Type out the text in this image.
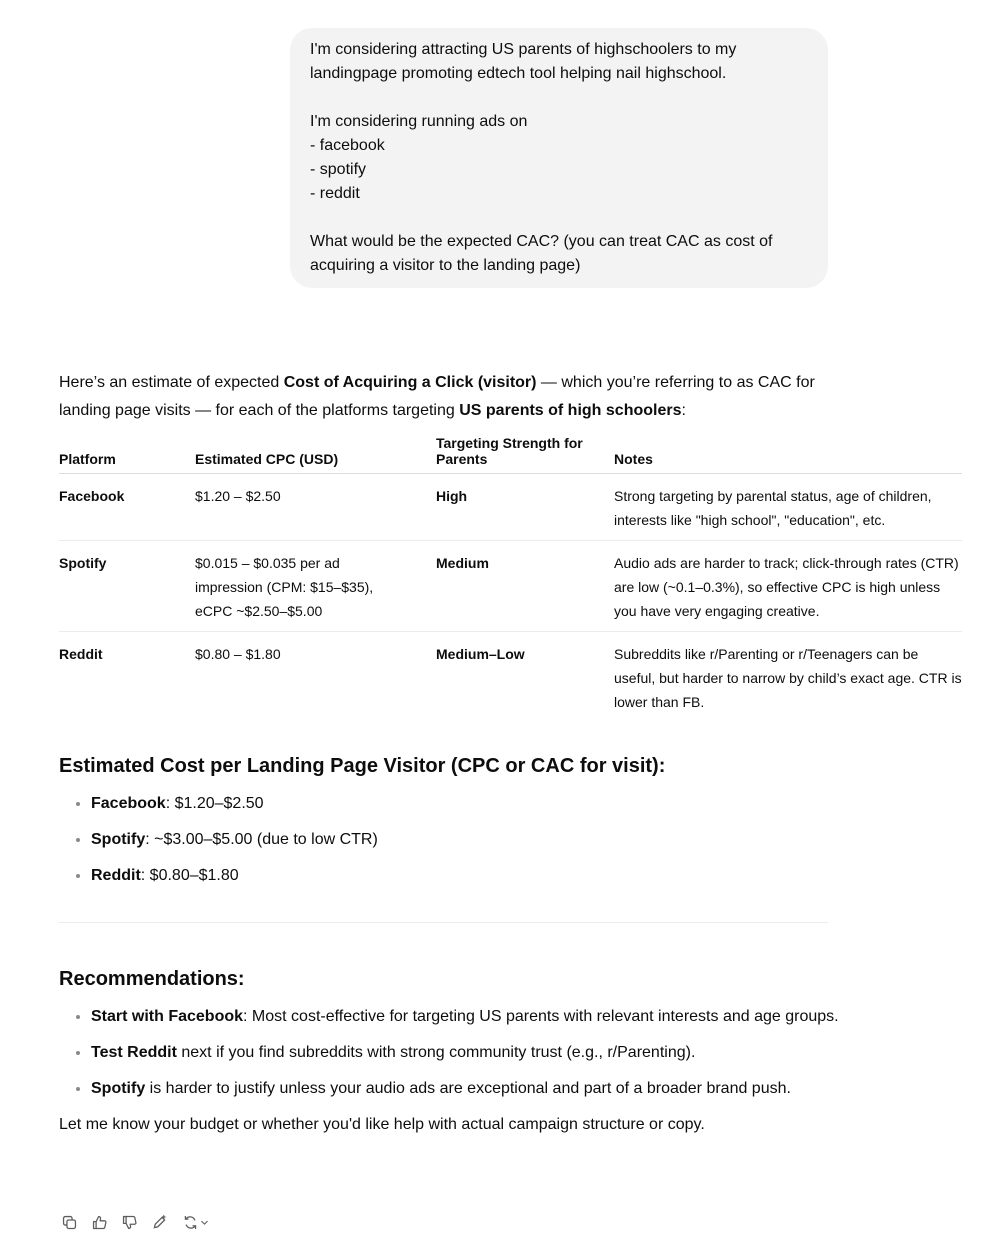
I'm considering attracting US parents of highschoolers to my landingpage promoting edtech tool helping nail highschool.

I'm considering running ads on

- facebook

- spotify

- reddit

What would be the expected CAC? (you can treat CAC as cost of acquiring a visitor to the landing page)

Here’s an estimate of expected Cost of Acquiring a Click (visitor) — which you’re referring to as CAC for landing page visits — for each of the platforms targeting US parents of high schoolers:

Platform	Estimated CPC (USD)	Targeting Strength for Parents	Notes
Facebook	$1.20 – $2.50	High	Strong targeting by parental status, age of children, interests like "high school", "education", etc.
Spotify	$0.015 – $0.035 per ad impression (CPM: $15–$35), eCPC ~$2.50–$5.00	Medium	Audio ads are harder to track; click-through rates (CTR) are low (~0.1–0.3%), so effective CPC is high unless you have very engaging creative.
Reddit	$0.80 – $1.80	Medium–Low	Subreddits like r/Parenting or r/Teenagers can be useful, but harder to narrow by child’s exact age. CTR is lower than FB.
Estimated Cost per Landing Page Visitor (CPC or CAC for visit):
• Facebook: $1.20–$2.50
• Spotify: ~$3.00–$5.00 (due to low CTR)
• Reddit: $0.80–$1.80
Recommendations:
• Start with Facebook: Most cost-effective for targeting US parents with relevant interests and age groups.
• Test Reddit next if you find subreddits with strong community trust (e.g., r/Parenting).
• Spotify is harder to justify unless your audio ads are exceptional and part of a broader brand push.

Let me know your budget or whether you'd like help with actual campaign structure or copy.
